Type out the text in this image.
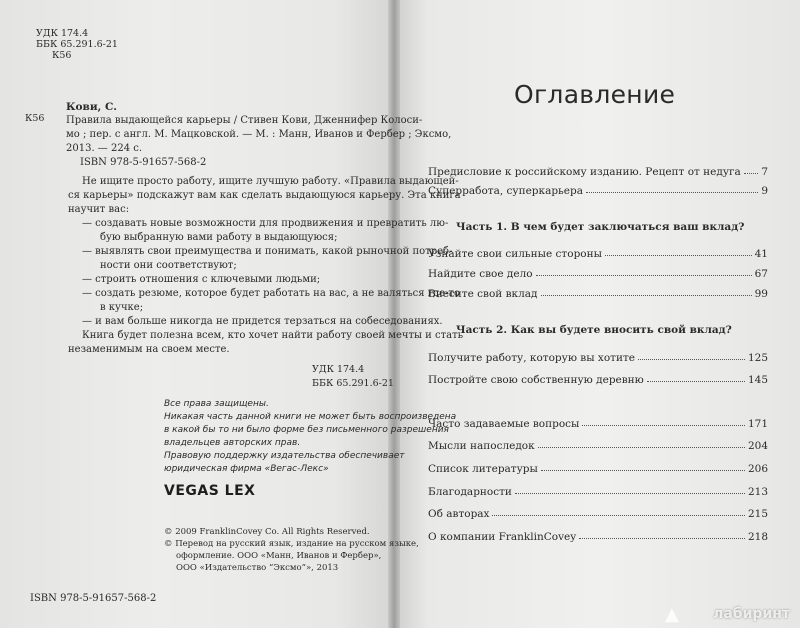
УДК 174.4
ББК 65.291.6-21
К56
К56
Кови, С.
Правила выдающейся карьеры / Стивен Кови, Дженнифер Колоси-
мо ; пер. с англ. М. Мацковской. — М. : Манн, Иванов и Фербер ; Эксмо,
2013. — 224 с.
ISBN 978-5-91657-568-2
Не ищите просто работу, ищите лучшую работу. «Правила выдающей-
ся карьеры» подскажут вам как сделать выдающуюся карьеру. Эта книга
научит вас:
— создавать новые возможности для продвижения и превратить лю-
бую выбранную вами работу в выдающуюся;
— выявлять свои преимущества и понимать, какой рыночной потреб-
ности они соответствуют;
— строить отношения с ключевыми людьми;
— создать резюме, которое будет работать на вас, а не валяться где-то
в кучке;
— и вам больше никогда не придется терзаться на собеседованиях.
Книга будет полезна всем, кто хочет найти работу своей мечты и стать
незаменимым на своем месте.
УДК 174.4
ББК 65.291.6-21
Все права защищены.
Никакая часть данной книги не может быть воспроизведена
в какой бы то ни было форме без письменного разрешения
владельцев авторских прав.
Правовую поддержку издательства обеспечивает
юридическая фирма «Вегас-Лекс»
VEGAS LEX
© 2009 FranklinCovey Co. All Rights Reserved.
© Перевод на русский язык, издание на русском языке,
оформление. ООО «Манн, Иванов и Фербер»,
ООО «Издательство “Эксмо”», 2013
ISBN 978-5-91657-568-2
Оглавление
Предисловие к российскому изданию. Рецепт от недуга 7
Суперработа, суперкарьера	9
Часть 1. В чем будет заключаться ваш вклад?
Узнайте свои сильные стороны	41
Найдите свое дело	67
Внесите свой вклад	99
Часть 2. Как вы будете вносить свой вклад?
Получите работу, которую вы хотите	125
Постройте свою собственную деревню	145
Часто задаваемые вопросы	171
Мысли напоследок	204
Список литературы	206
Благодарности	213
Об авторах	215
О компании FranklinCovey	218
▲	лабиринт
